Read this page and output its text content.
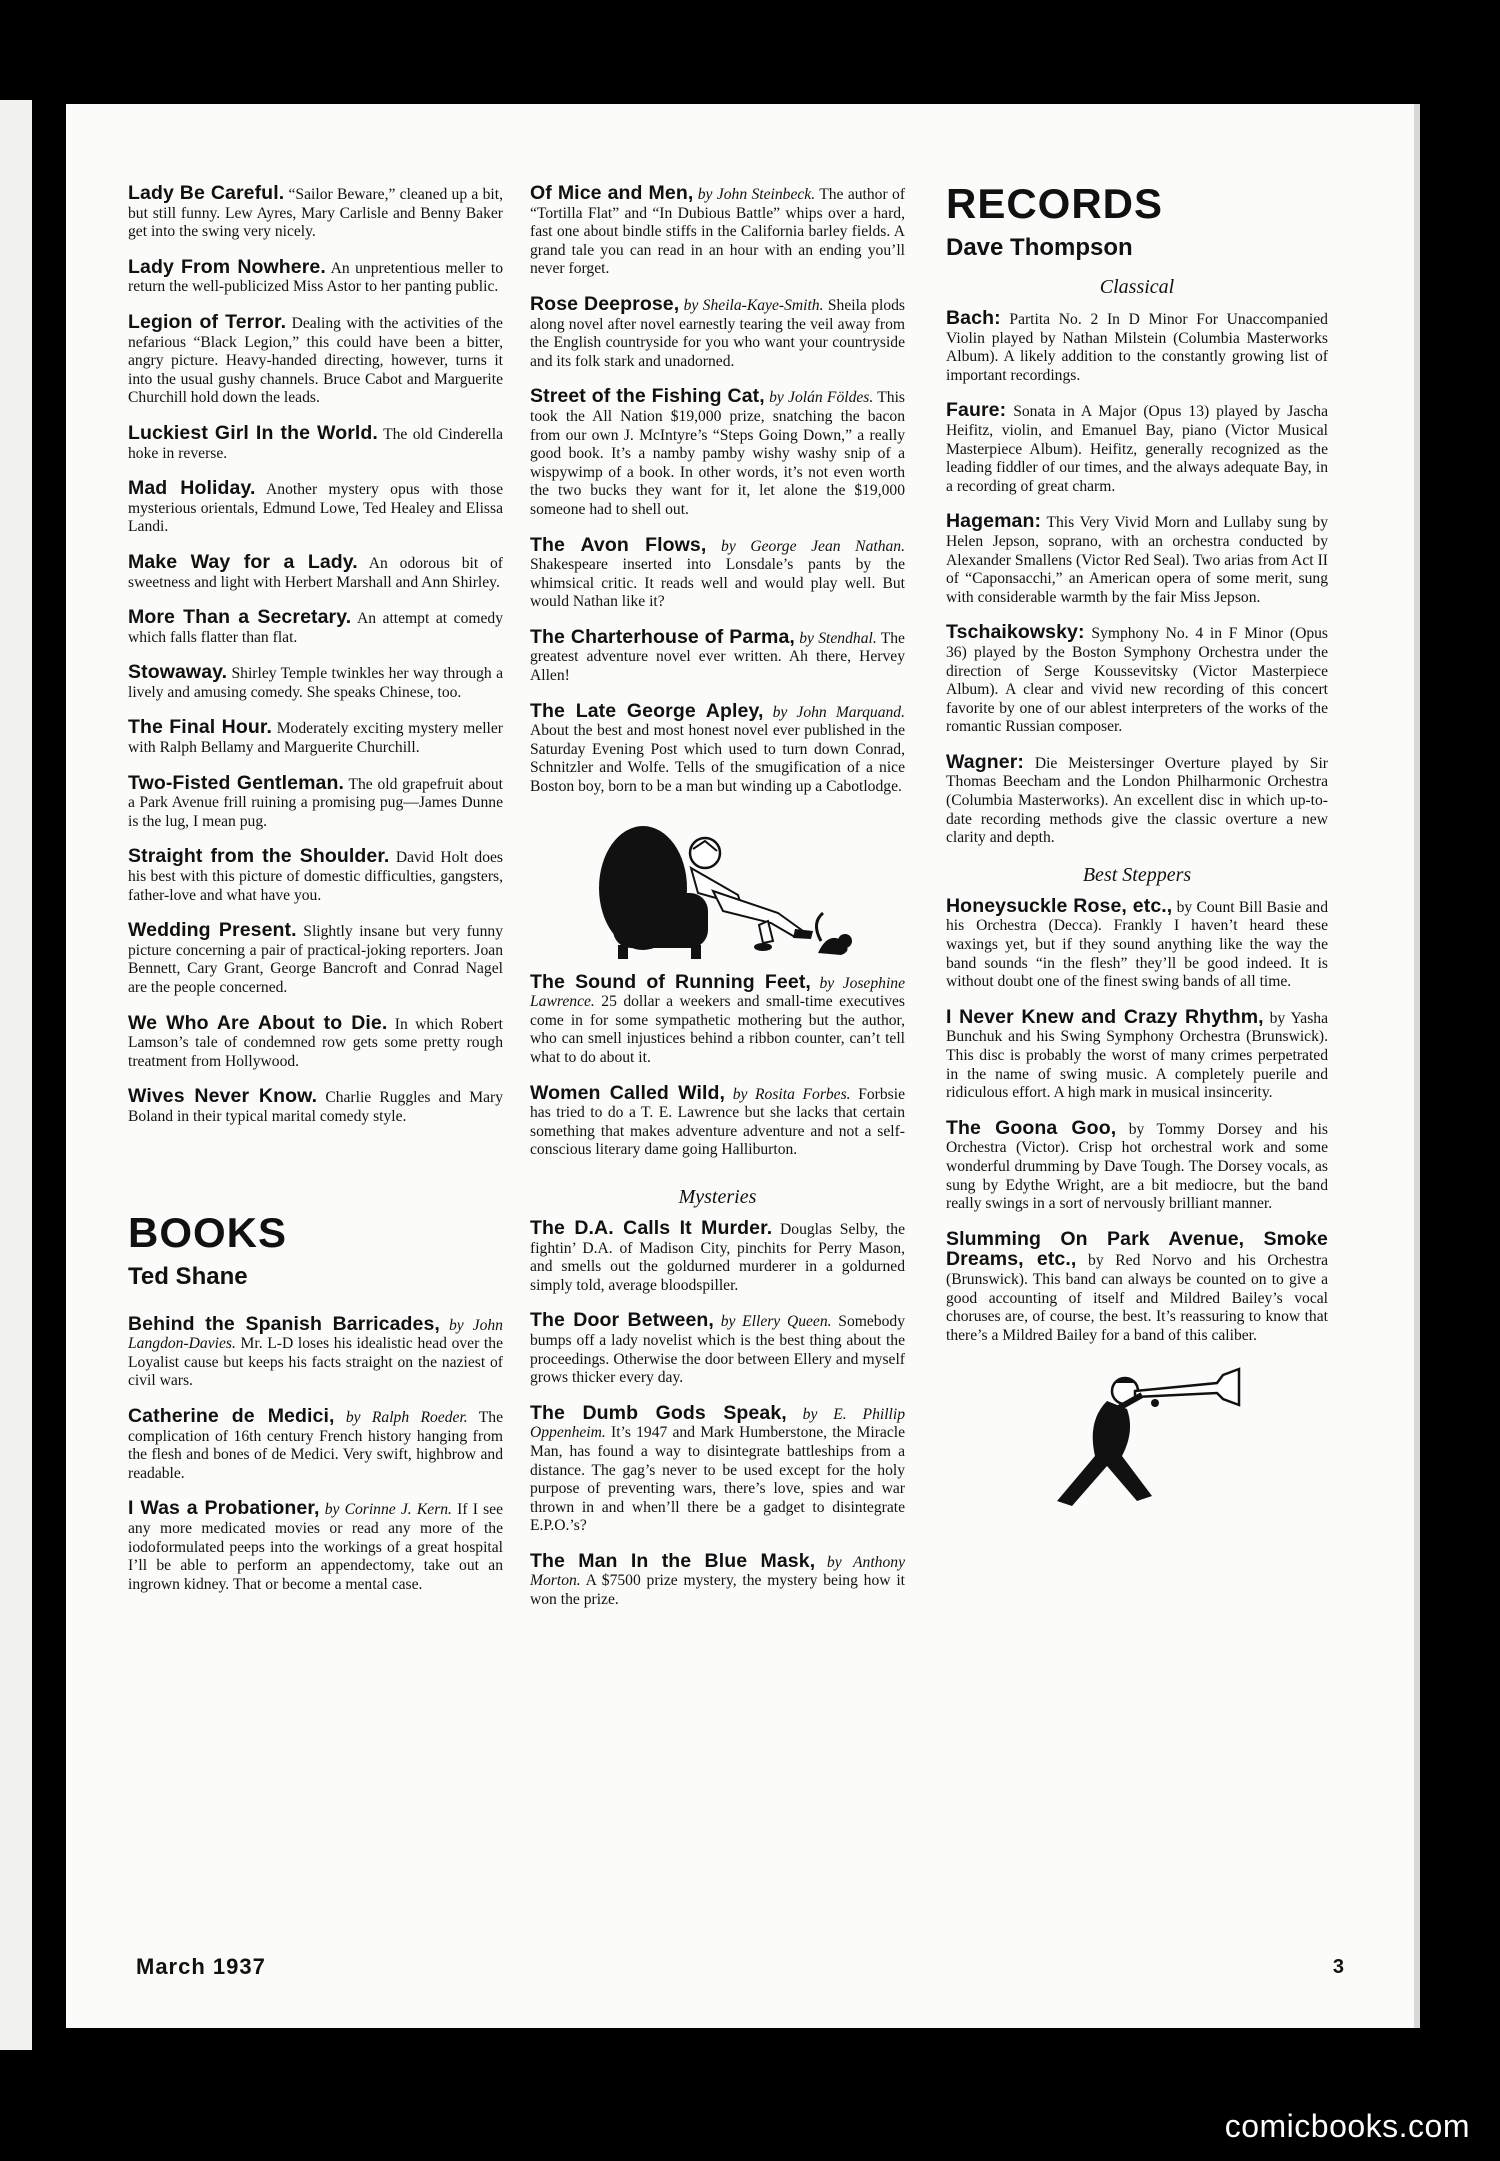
Lady Be Careful. “Sailor Beware,” cleaned up a bit, but still funny. Lew Ayres, Mary Carlisle and Benny Baker get into the swing very nicely.

Lady From Nowhere. An unpretentious meller to return the well-publicized Miss Astor to her panting public.

Legion of Terror. Dealing with the activities of the nefarious “Black Legion,” this could have been a bitter, angry picture. Heavy-handed directing, however, turns it into the usual gushy channels. Bruce Cabot and Marguerite Churchill hold down the leads.

Luckiest Girl In the World. The old Cinderella hoke in reverse.

Mad Holiday. Another mystery opus with those mysterious orientals, Edmund Lowe, Ted Healey and Elissa Landi.

Make Way for a Lady. An odorous bit of sweetness and light with Herbert Marshall and Ann Shirley.

More Than a Secretary. An attempt at comedy which falls flatter than flat.

Stowaway. Shirley Temple twinkles her way through a lively and amusing comedy. She speaks Chinese, too.

The Final Hour. Moderately exciting mystery meller with Ralph Bellamy and Marguerite Churchill.

Two-Fisted Gentleman. The old grapefruit about a Park Avenue frill ruining a promising pug—James Dunne is the lug, I mean pug.

Straight from the Shoulder. David Holt does his best with this picture of domestic difficulties, gangsters, father-love and what have you.

Wedding Present. Slightly insane but very funny picture concerning a pair of practical-joking reporters. Joan Bennett, Cary Grant, George Bancroft and Conrad Nagel are the people concerned.

We Who Are About to Die. In which Robert Lamson’s tale of condemned row gets some pretty rough treatment from Hollywood.

Wives Never Know. Charlie Ruggles and Mary Boland in their typical marital comedy style.

BOOKS
Ted Shane

Behind the Spanish Barricades, by John Langdon-Davies. Mr. L-D loses his idealistic head over the Loyalist cause but keeps his facts straight on the naziest of civil wars.

Catherine de Medici, by Ralph Roeder. The complication of 16th century French history hanging from the flesh and bones of de Medici. Very swift, highbrow and readable.

I Was a Probationer, by Corinne J. Kern. If I see any more medicated movies or read any more of the iodoformulated peeps into the workings of a great hospital I’ll be able to perform an appendectomy, take out an ingrown kidney. That or become a mental case.

Of Mice and Men, by John Steinbeck. The author of “Tortilla Flat” and “In Dubious Battle” whips over a hard, fast one about bindle stiffs in the California barley fields. A grand tale you can read in an hour with an ending you’ll never forget.

Rose Deeprose, by Sheila-Kaye-Smith. Sheila plods along novel after novel earnestly tearing the veil away from the English countryside for you who want your countryside and its folk stark and unadorned.

Street of the Fishing Cat, by Jolán Földes. This took the All Nation $19,000 prize, snatching the bacon from our own J. McIntyre’s “Steps Going Down,” a really good book. It’s a namby pamby wishy washy snip of a wispywimp of a book. In other words, it’s not even worth the two bucks they want for it, let alone the $19,000 someone had to shell out.

The Avon Flows, by George Jean Nathan. Shakespeare inserted into Lonsdale’s pants by the whimsical critic. It reads well and would play well. But would Nathan like it?

The Charterhouse of Parma, by Stendhal. The greatest adventure novel ever written. Ah there, Hervey Allen!

The Late George Apley, by John Marquand. About the best and most honest novel ever published in the Saturday Evening Post which used to turn down Conrad, Schnitzler and Wolfe. Tells of the smugification of a nice Boston boy, born to be a man but winding up a Cabotlodge.

The Sound of Running Feet, by Josephine Lawrence. 25 dollar a weekers and small-time executives come in for some sympathetic mothering but the author, who can smell injustices behind a ribbon counter, can’t tell what to do about it.

Women Called Wild, by Rosita Forbes. Forbsie has tried to do a T. E. Lawrence but she lacks that certain something that makes adventure adventure and not a self-conscious literary dame going Halliburton.

Mysteries

The D.A. Calls It Murder. Douglas Selby, the fightin’ D.A. of Madison City, pinchits for Perry Mason, and smells out the goldurned murderer in a goldurned simply told, average bloodspiller.

The Door Between, by Ellery Queen. Somebody bumps off a lady novelist which is the best thing about the proceedings. Otherwise the door between Ellery and myself grows thicker every day.

The Dumb Gods Speak, by E. Phillip Oppenheim. It’s 1947 and Mark Humberstone, the Miracle Man, has found a way to disintegrate battleships from a distance. The gag’s never to be used except for the holy purpose of preventing wars, there’s love, spies and war thrown in and when’ll there be a gadget to disintegrate E.P.O.’s?

The Man In the Blue Mask, by Anthony Morton. A $7500 prize mystery, the mystery being how it won the prize.

RECORDS
Dave Thompson
Classical

Bach: Partita No. 2 In D Minor For Unaccompanied Violin played by Nathan Milstein (Columbia Masterworks Album). A likely addition to the constantly growing list of important recordings.

Faure: Sonata in A Major (Opus 13) played by Jascha Heifitz, violin, and Emanuel Bay, piano (Victor Musical Masterpiece Album). Heifitz, generally recognized as the leading fiddler of our times, and the always adequate Bay, in a recording of great charm.

Hageman: This Very Vivid Morn and Lullaby sung by Helen Jepson, soprano, with an orchestra conducted by Alexander Smallens (Victor Red Seal). Two arias from Act II of “Caponsacchi,” an American opera of some merit, sung with considerable warmth by the fair Miss Jepson.

Tschaikowsky: Symphony No. 4 in F Minor (Opus 36) played by the Boston Symphony Orchestra under the direction of Serge Koussevitsky (Victor Masterpiece Album). A clear and vivid new recording of this concert favorite by one of our ablest interpreters of the works of the romantic Russian composer.

Wagner: Die Meistersinger Overture played by Sir Thomas Beecham and the London Philharmonic Orchestra (Columbia Masterworks). An excellent disc in which up-to-date recording methods give the classic overture a new clarity and depth.

Best Steppers

Honeysuckle Rose, etc., by Count Bill Basie and his Orchestra (Decca). Frankly I haven’t heard these waxings yet, but if they sound anything like the way the band sounds “in the flesh” they’ll be good indeed. It is without doubt one of the finest swing bands of all time.

I Never Knew and Crazy Rhythm, by Yasha Bunchuk and his Swing Symphony Orchestra (Brunswick). This disc is probably the worst of many crimes perpetrated in the name of swing music. A completely puerile and ridiculous effort. A high mark in musical insincerity.

The Goona Goo, by Tommy Dorsey and his Orchestra (Victor). Crisp hot orchestral work and some wonderful drumming by Dave Tough. The Dorsey vocals, as sung by Edythe Wright, are a bit mediocre, but the band really swings in a sort of nervously brilliant manner.

Slumming On Park Avenue, Smoke Dreams, etc., by Red Norvo and his Orchestra (Brunswick). This band can always be counted on to give a good accounting of itself and Mildred Bailey’s vocal choruses are, of course, the best. It’s reassuring to know that there’s a Mildred Bailey for a band of this caliber.

March 1937	3
comicbooks.com
